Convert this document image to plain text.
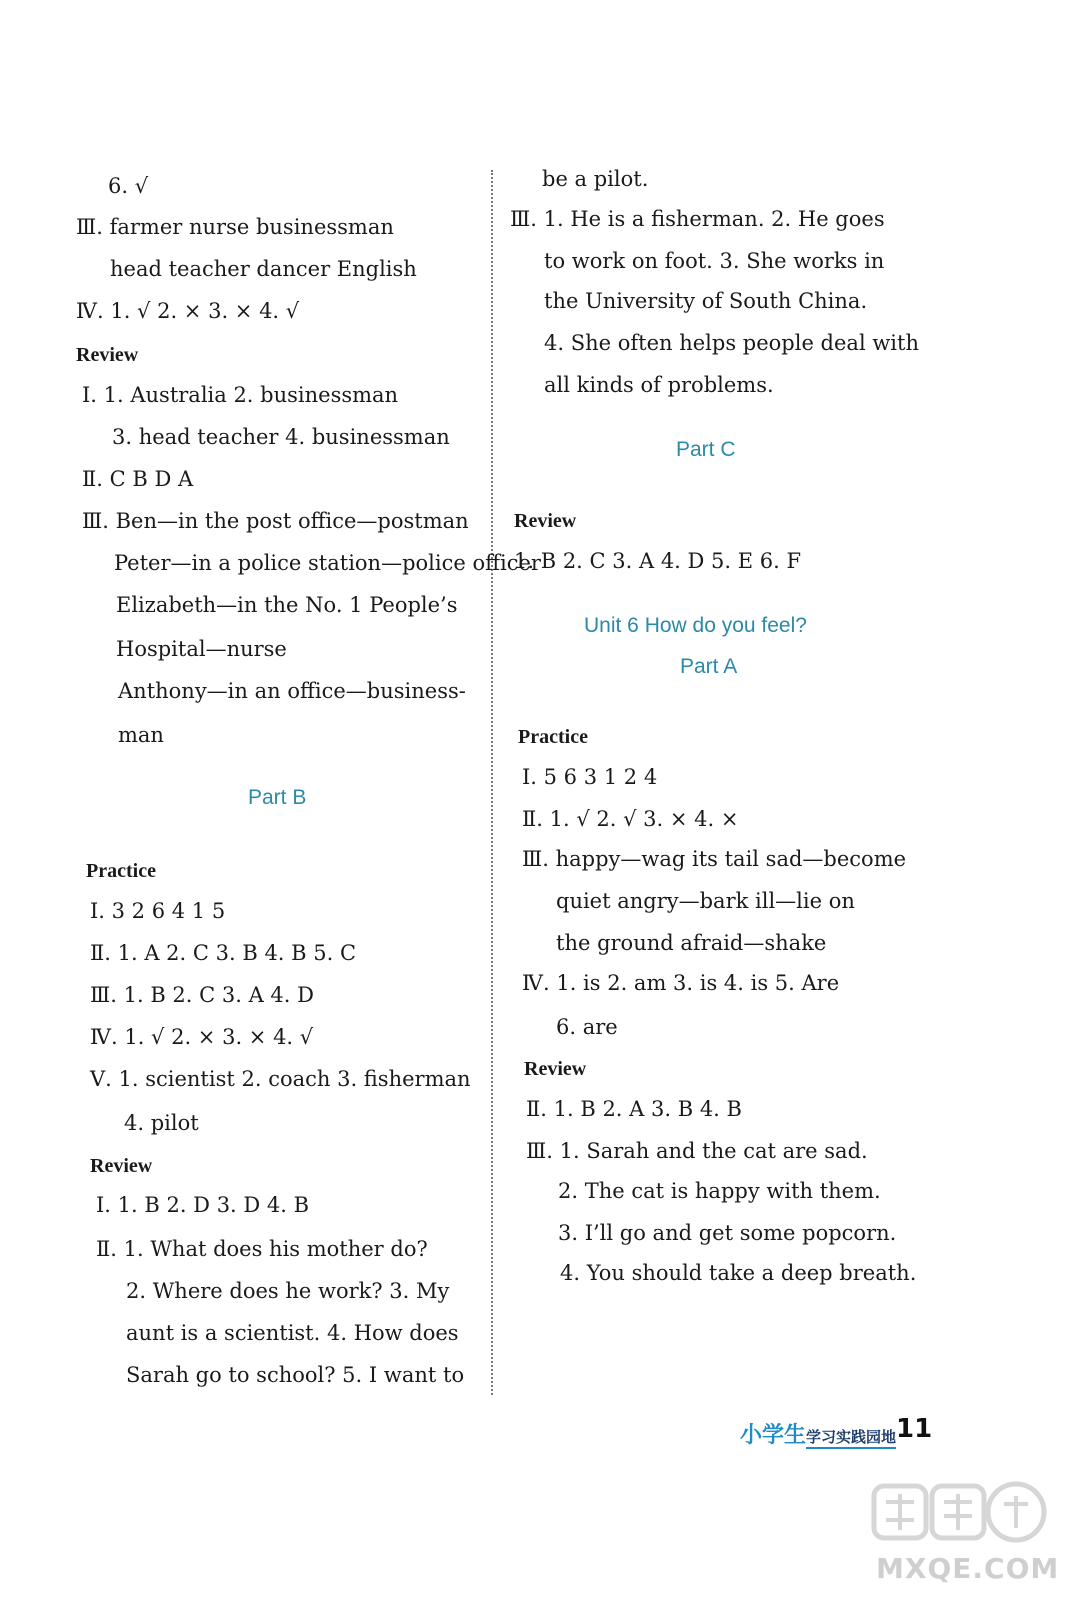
6. √
Ⅲ. farmer nurse businessman
head teacher dancer English
Ⅳ. 1. √ 2. × 3. × 4. √
Review
Ⅰ. 1. Australia 2. businessman
3. head teacher 4. businessman
Ⅱ. C B D A
Ⅲ. Ben—in the post office—postman
Peter—in a police station—police officer
Elizabeth—in the No. 1 People’s
Hospital—nurse
Anthony—in an office—business-
man
Part B
Practice
Ⅰ. 3 2 6 4 1 5
Ⅱ. 1. A 2. C 3. B 4. B 5. C
Ⅲ. 1. B 2. C 3. A 4. D
Ⅳ. 1. √ 2. × 3. × 4. √
Ⅴ. 1. scientist 2. coach 3. fisherman
4. pilot
Review
Ⅰ. 1. B 2. D 3. D 4. B
Ⅱ. 1. What does his mother do?
2. Where does he work? 3. My
aunt is a scientist. 4. How does
Sarah go to school? 5. I want to
be a pilot.
Ⅲ. 1. He is a fisherman. 2. He goes
to work on foot. 3. She works in
the University of South China.
4. She often helps people deal with
all kinds of problems.
Part C
Review
1. B 2. C 3. A 4. D 5. E 6. F
Unit 6 How do you feel?
Part A
Practice
Ⅰ. 5 6 3 1 2 4
Ⅱ. 1. √ 2. √ 3. × 4. ×
Ⅲ. happy—wag its tail sad—become
quiet angry—bark ill—lie on
the ground afraid—shake
Ⅳ. 1. is 2. am 3. is 4. is 5. Are
6. are
Review
Ⅱ. 1. B 2. A 3. B 4. B
Ⅲ. 1. Sarah and the cat are sad.
2. The cat is happy with them.
3. I’ll go and get some popcorn.
4. You should take a deep breath.
小学生学习实践园地 11
MXQE.COM
